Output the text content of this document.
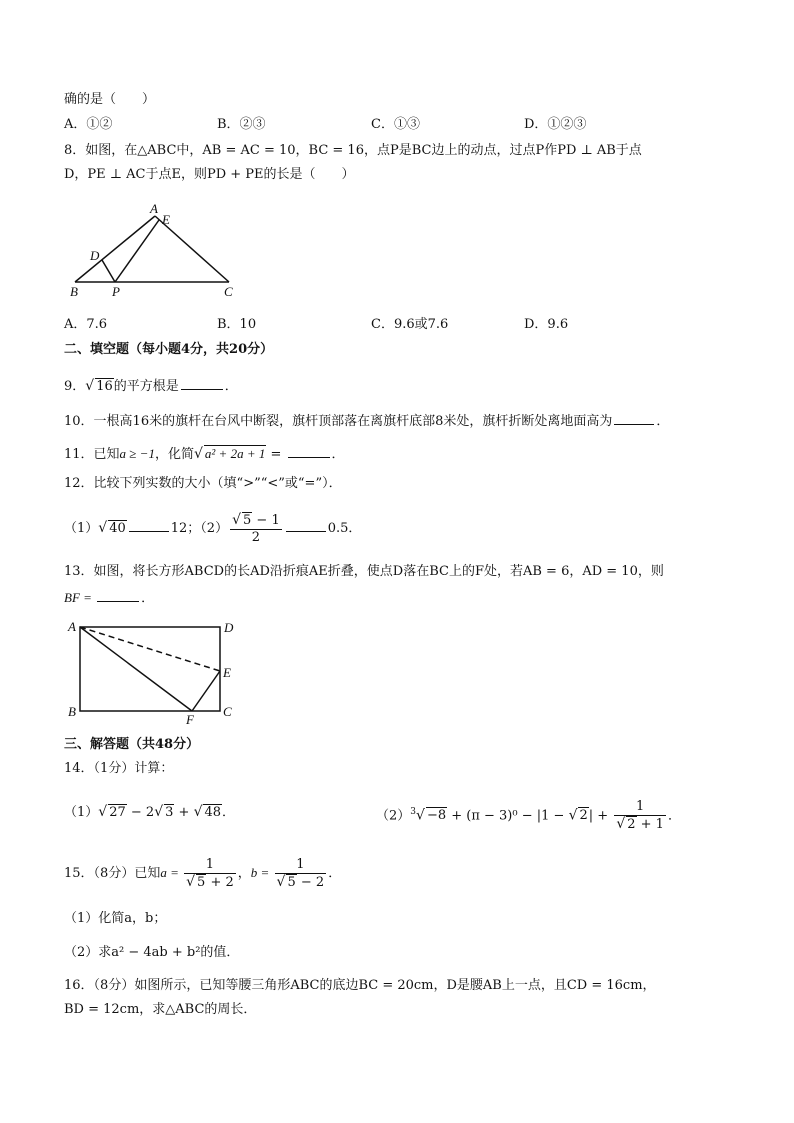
确的是（　　）
A．①②	B．②③	C．①③	D．①②③
8．如图，在△ABC中，AB = AC = 10，BC = 16，点P是BC边上的动点，过点P作PD ⊥ AB于点
D，PE ⊥ AC于点E，则PD + PE的长是（　　）
A
E
D
B	P	C
A．7.6	B．10	C．9.6或7.6	D．9.6
二、填空题（每小题4分，共20分）
9．√ 16的平方根是	．
10．一根高16米的旗杆在台风中断裂，旗杆顶部落在离旗杆底部8米处，旗杆折断处离地面高为	．
11．已知a ≥ −1，化简√ a² + 2a + 1 =	．
12．比较下列实数的大小（填“>”“<”或“=”）．
（1）√ 40	12；$(2) \frac{√ 5 - 1}{2}$	0.5．
13．如图，将长方形ABCD的长AD沿折痕AE折叠，使点D落在BC上的F处，若AB = 6，AD = 10，则
BF =	．
A	D
E
B
F
C
三、解答题（共48分）
14．（1分）计算：
（1）√ 27 − 2√ 3 + √ 48．	$(2)^3√ -8 + (\pi - 3)^0 - |1$ − √ $2| + \frac{1}{√ 2 + 1}$ ．
15．（8分）已知$a = \frac{1}{√ 5 + 2}$ ，$b = \frac{1}{√ 5 - 2}$ ．
（1）化简a，b；
（2）求a² − 4ab + b²的值．
16．（8分）如图所示，已知等腰三角形ABC的底边BC = 20cm，D是腰AB上一点，且CD = 16cm，
BD = 12cm，求△ABC的周长．
